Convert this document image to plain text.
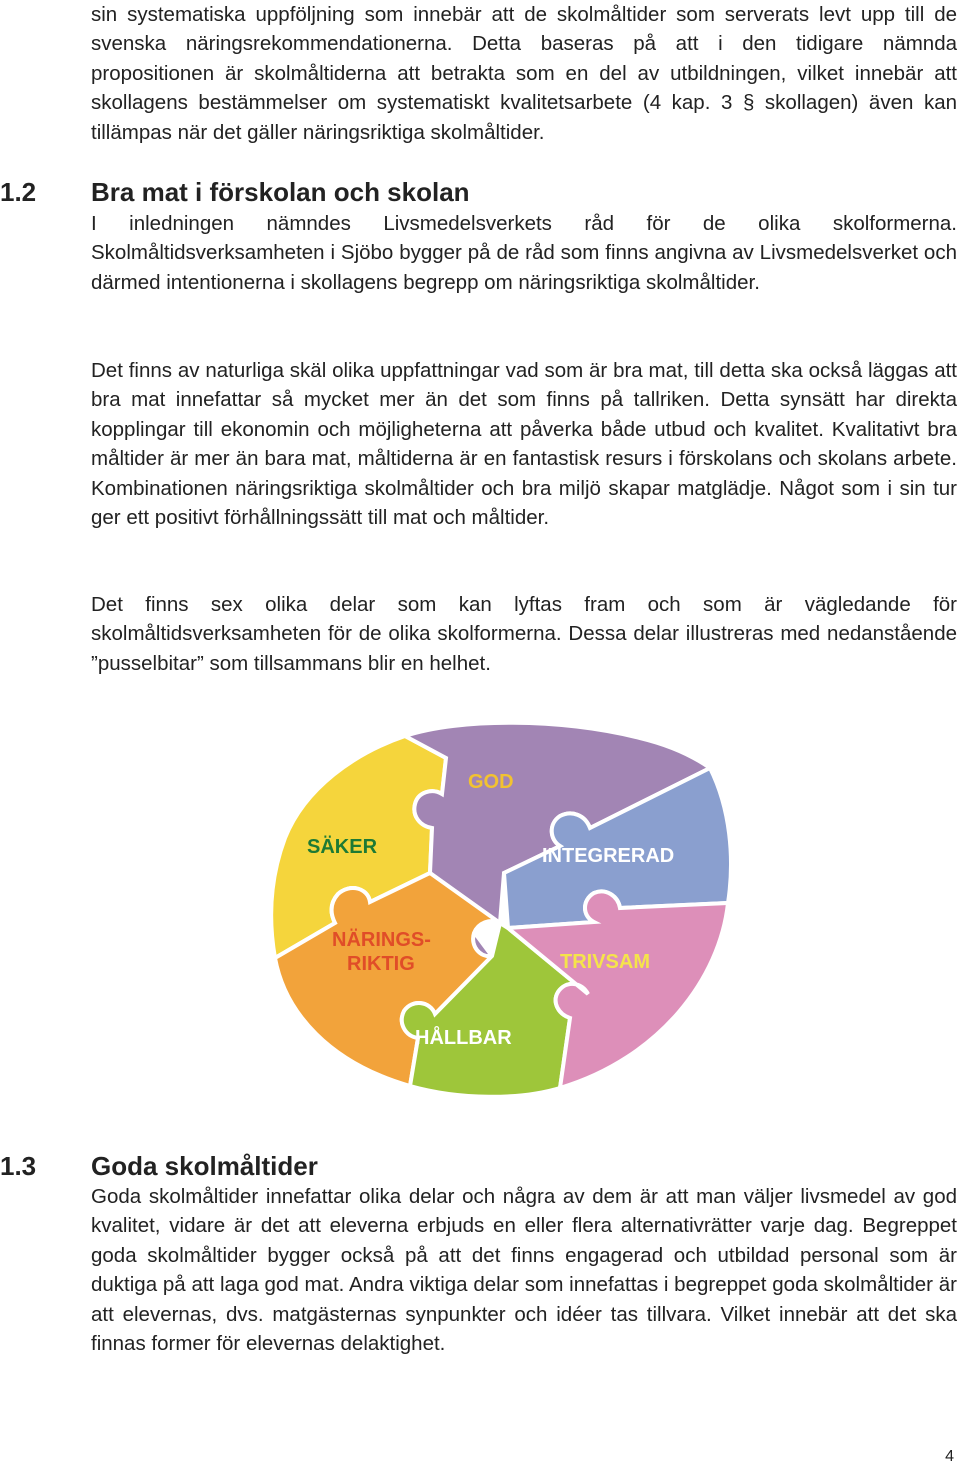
sin systematiska uppföljning som innebär att de skolmåltider som serverats levt upp till de svenska näringsrekommendationerna. Detta baseras på att i den tidigare nämnda propositionen är skolmåltiderna att betrakta som en del av utbildningen, vilket innebär att skollagens bestämmelser om systematiskt kvalitetsarbete (4 kap. 3 § skollagen) även kan tillämpas när det gäller näringsriktiga skolmåltider.

1.2 Bra mat i förskolan och skolan

I inledningen nämndes Livsmedelsverkets råd för de olika skolformerna. Skolmåltidsverksamheten i Sjöbo bygger på de råd som finns angivna av Livsmedelsverket och därmed intentionerna i skollagens begrepp om näringsriktiga skolmåltider.

Det finns av naturliga skäl olika uppfattningar vad som är bra mat, till detta ska också läggas att bra mat innefattar så mycket mer än det som finns på tallriken. Detta synsätt har direkta kopplingar till ekonomin och möjligheterna att påverka både utbud och kvalitet. Kvalitativt bra måltider är mer än bara mat, måltiderna är en fantastisk resurs i förskolans och skolans arbete. Kombinationen näringsriktiga skolmåltider och bra miljö skapar matglädje. Något som i sin tur ger ett positivt förhållningssätt till mat och måltider.

Det finns sex olika delar som kan lyftas fram och som är vägledande för skolmåltidsverksamheten för de olika skolformerna. Dessa delar illustreras med nedanstående ”pusselbitar” som tillsammans blir en helhet.

GOD
SÄKER	INTEGRERAD
NÄRINGS-
RIKTIG	TRIVSAM
HÅLLBAR
1.3 Goda skolmåltider

Goda skolmåltider innefattar olika delar och några av dem är att man väljer livsmedel av god kvalitet, vidare är det att eleverna erbjuds en eller flera alternativrätter varje dag. Begreppet goda skolmåltider bygger också på att det finns engagerad och utbildad personal som är duktiga på att laga god mat. Andra viktiga delar som innefattas i begreppet goda skolmåltider är att elevernas, dvs. matgästernas synpunkter och idéer tas tillvara. Vilket innebär att det ska finnas former för elevernas delaktighet.

4
